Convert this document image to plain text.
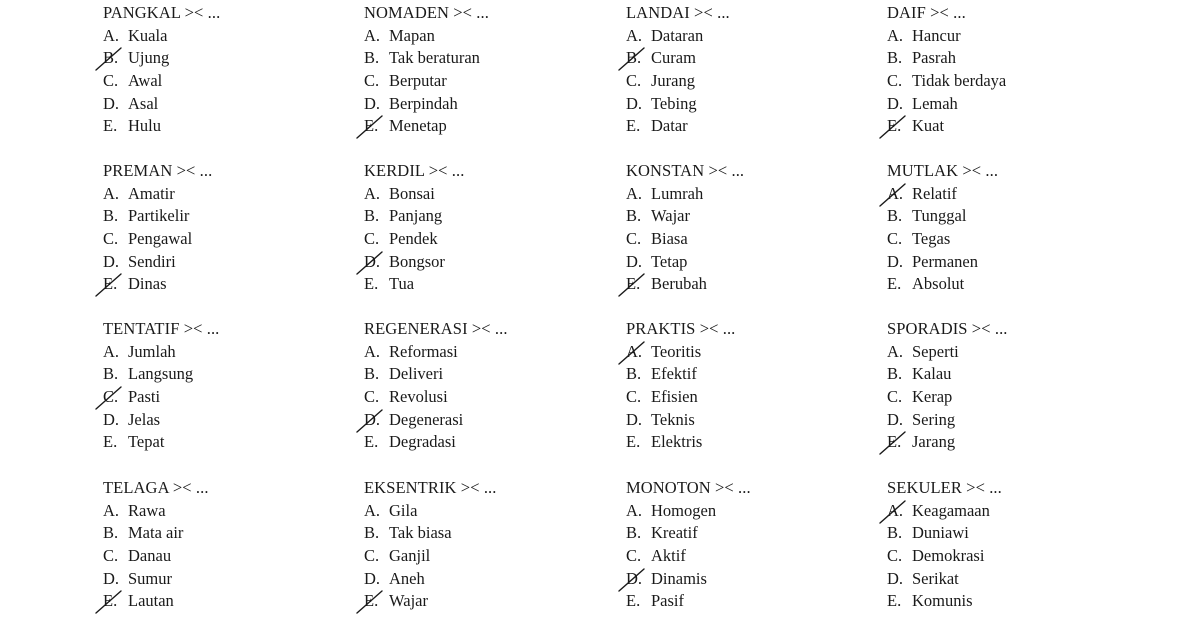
PANGKAL >< ...
A. Kuala
B. Ujung
C. Awal
D. Asal
E. Hulu
NOMADEN >< ...
A. Mapan
B. Tak beraturan
C. Berputar
D. Berpindah
E. Menetap
LANDAI >< ...
A. Dataran
B. Curam
C. Jurang
D. Tebing
E. Datar
DAIF >< ...
A. Hancur
B. Pasrah
C. Tidak berdaya
D. Lemah
E. Kuat
PREMAN >< ...
A. Amatir
B. Partikelir
C. Pengawal
D. Sendiri
E. Dinas
KERDIL >< ...
A. Bonsai
B. Panjang
C. Pendek
D. Bongsor
E. Tua
KONSTAN >< ...
A. Lumrah
B. Wajar
C. Biasa
D. Tetap
E. Berubah
MUTLAK >< ...
A. Relatif
B. Tunggal
C. Tegas
D. Permanen
E. Absolut
TENTATIF >< ...
A. Jumlah
B. Langsung
C. Pasti
D. Jelas
E. Tepat
REGENERASI >< ...
A. Reformasi
B. Deliveri
C. Revolusi
D. Degenerasi
E. Degradasi
PRAKTIS >< ...
A. Teoritis
B. Efektif
C. Efisien
D. Teknis
E. Elektris
SPORADIS >< ...
A. Seperti
B. Kalau
C. Kerap
D. Sering
E. Jarang
TELAGA >< ...
A. Rawa
B. Mata air
C. Danau
D. Sumur
E. Lautan
EKSENTRIK >< ...
A. Gila
B. Tak biasa
C. Ganjil
D. Aneh
E. Wajar
MONOTON >< ...
A. Homogen
B. Kreatif
C. Aktif
D. Dinamis
E. Pasif
SEKULER >< ...
A. Keagamaan
B. Duniawi
C. Demokrasi
D. Serikat
E. Komunis
